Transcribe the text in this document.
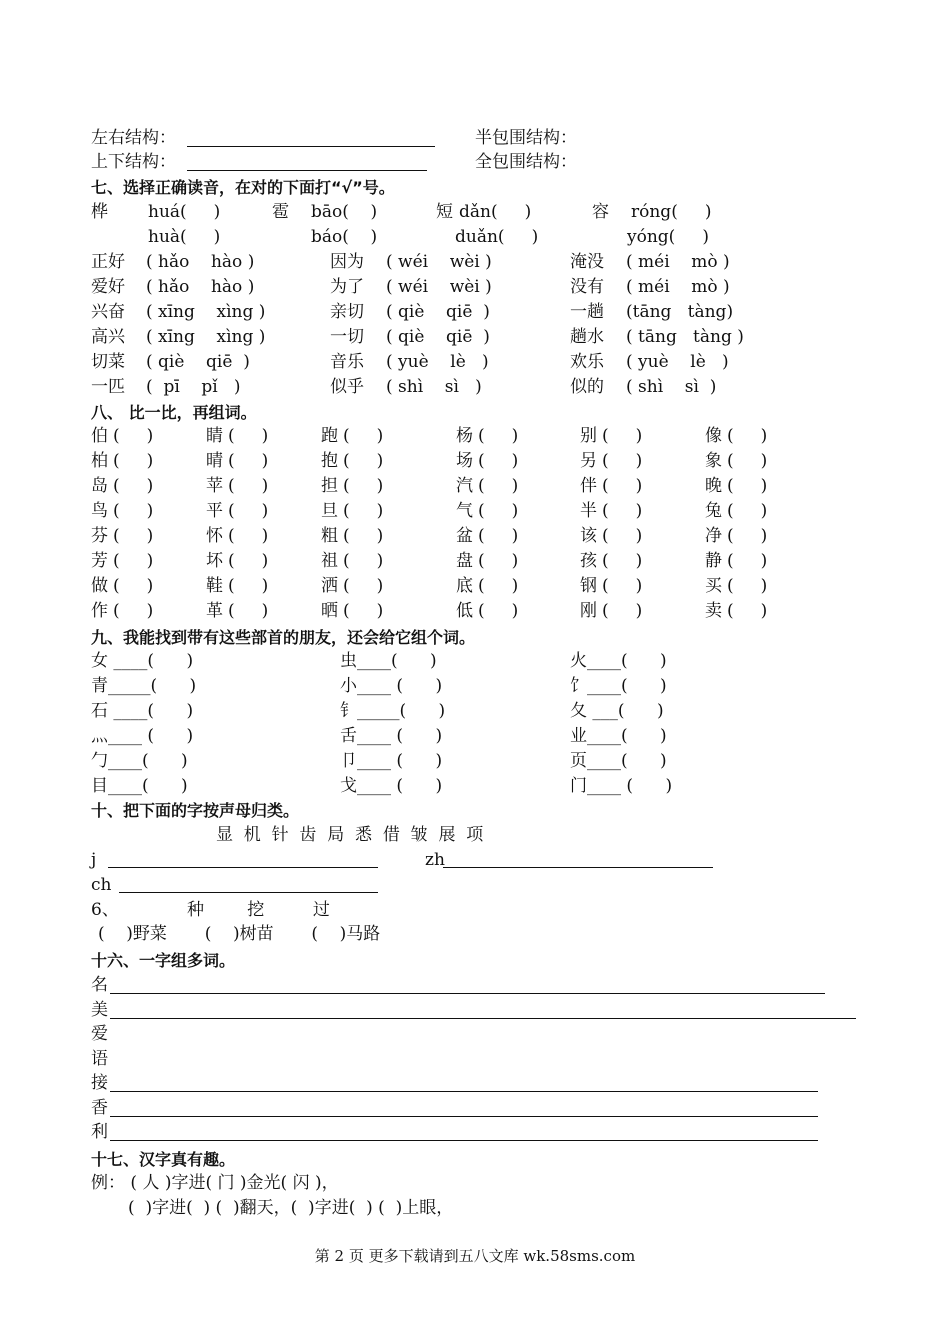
左右结构：	半包围结构：
上下结构：	全包围结构：
七、选择正确读音，在对的下面打“√”号。
桦 huá(     )	雹 bāo(    )	短 dǎn(     )	容 róng(     )
huà(     )	báo(    )	duǎn(     )	yóng(     )
正好 ( hǎo    hào )	因为 ( wéi    wèi )	淹没 ( méi    mò )
爱好 ( hǎo    hào )	为了 ( wéi    wèi )	没有 ( méi    mò )
兴奋 ( xīng    xìng )	亲切 ( qiè    qiē  )	一趟 (tāng   tàng)
高兴 ( xīng    xìng )	一切 ( qiè    qiē  )	趟水 ( tāng   tàng )
切菜 ( qiè    qiē  )	音乐 ( yuè    lè   )	欢乐 ( yuè    lè   )
一匹 (  pī    pǐ   )	似乎 ( shì    sì   )	似的 ( shì    sì  )
八、 比一比，再组词。
伯 (     )	睛 (     )	跑 (     )	杨 (     )	别 (     )	像 (     )
柏 (     )	晴 (     )	抱 (     )	场 (     )	另 (     )	象 (     )
岛 (     )	苹 (     )	担 (     )	汽 (     )	伴 (     )	晚 (     )
鸟 (     )	平 (     )	旦 (     )	气 (     )	半 (     )	兔 (     )
芬 (     )	怀 (     )	粗 (     )	盆 (     )	该 (     )	净 (     )
芳 (     )	坏 (     )	祖 (     )	盘 (     )	孩 (     )	静 (     )
做 (     )	鞋 (     )	洒 (     )	底 (     )	钢 (     )	买 (     )
作 (     )	革 (     )	晒 (     )	低 (     )	刚 (     )	卖 (     )
九、我能找到带有这些部首的朋友，还会给它组个词。
女 ____(      )	虫____(      )	火____(      )
青_____(      )	小____ (      )	饣____(      )
石 ____(      )	钅_____(      )	夂 ___(      )
灬____ (      )	舌____ (      )	业____(      )
勹____(      )	卩____ (      )	页____(      )
目____(      )	戈____ (      )	门____ (      )
十、把下面的字按声母归类。
显  机  针  齿  局  悉  借  皱  展  项
j	zh
ch
6、	种        挖         过
(    )野菜       (    )树苗       (    )马路
十六、一字组多词。
名
美
爱
语
接
香
利
十七、汉字真有趣。
例： ( 人 )字进( 门 )金光( 闪 )，
(  )字进(  ) (  )翻天，(  )字进(  ) (  )上眼，
第 2 页 更多下载请到五八文库 wk.58sms.com
